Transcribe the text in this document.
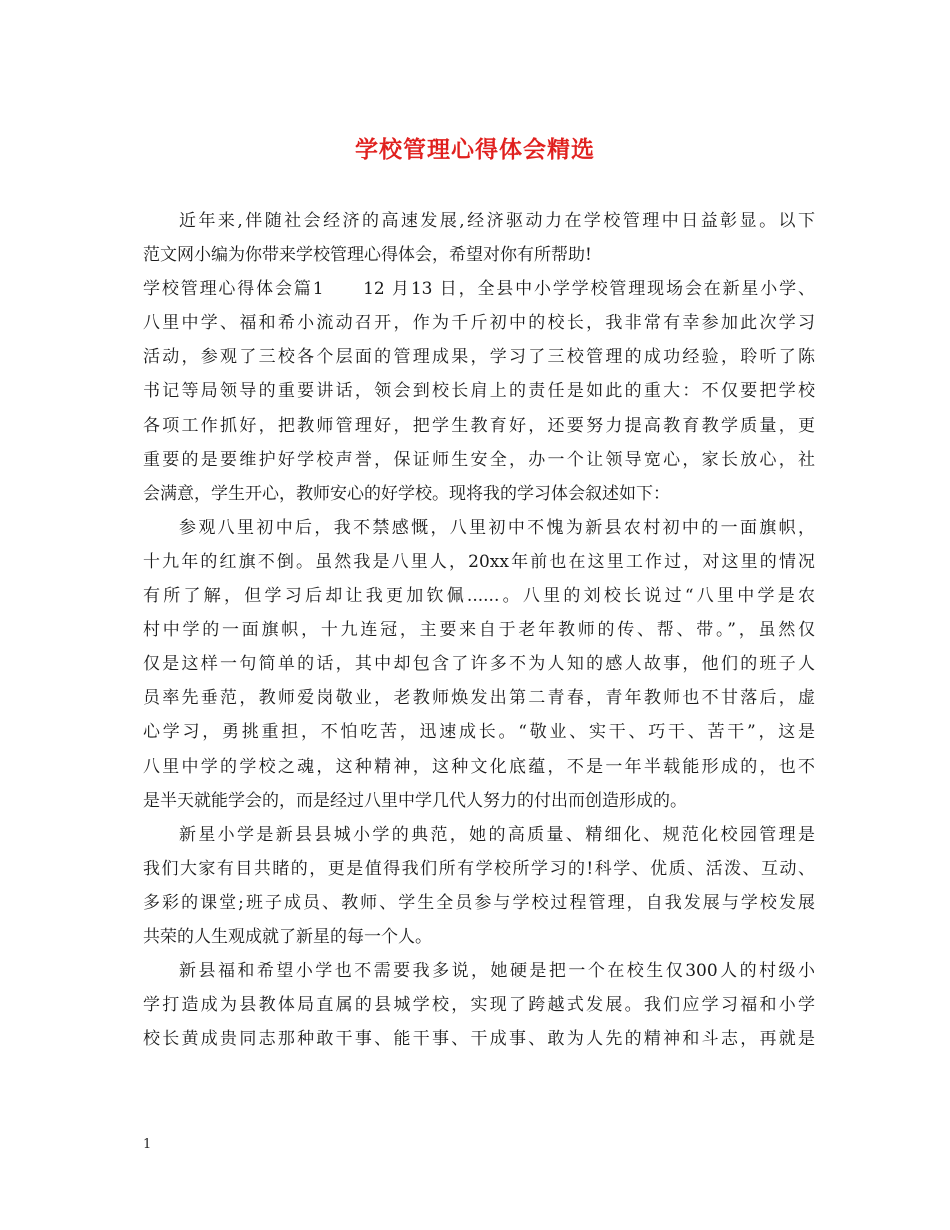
学校管理心得体会精选
近年来,伴随社会经济的高速发展,经济驱动力在学校管理中日益彰显。以下
范文网小编为你带来学校管理心得体会，希望对你有所帮助!
学校管理心得体会篇1　　12 月13 日，全县中小学学校管理现场会在新星小学、
八里中学、福和希小流动召开，作为千斤初中的校长，我非常有幸参加此次学习
活动，参观了三校各个层面的管理成果，学习了三校管理的成功经验，聆听了陈
书记等局领导的重要讲话，领会到校长肩上的责任是如此的重大：不仅要把学校
各项工作抓好，把教师管理好，把学生教育好，还要努力提高教育教学质量，更
重要的是要维护好学校声誉，保证师生安全，办一个让领导宽心，家长放心，社
会满意，学生开心，教师安心的好学校。现将我的学习体会叙述如下：
参观八里初中后，我不禁感慨，八里初中不愧为新县农村初中的一面旗帜，
十九年的红旗不倒。虽然我是八里人，20xx年前也在这里工作过，对这里的情况
有所了解，但学习后却让我更加钦佩......。八里的刘校长说过“八里中学是农
村中学的一面旗帜，十九连冠，主要来自于老年教师的传、帮、带。”，虽然仅
仅是这样一句简单的话，其中却包含了许多不为人知的感人故事，他们的班子人
员率先垂范，教师爱岗敬业，老教师焕发出第二青春，青年教师也不甘落后，虚
心学习，勇挑重担，不怕吃苦，迅速成长。“敬业、实干、巧干、苦干”，这是
八里中学的学校之魂，这种精神，这种文化底蕴，不是一年半载能形成的，也不
是半天就能学会的，而是经过八里中学几代人努力的付出而创造形成的。
新星小学是新县县城小学的典范，她的高质量、精细化、规范化校园管理是
我们大家有目共睹的，更是值得我们所有学校所学习的!科学、优质、活泼、互动、
多彩的课堂;班子成员、教师、学生全员参与学校过程管理，自我发展与学校发展
共荣的人生观成就了新星的每一个人。
新县福和希望小学也不需要我多说，她硬是把一个在校生仅300人的村级小
学打造成为县教体局直属的县城学校，实现了跨越式发展。我们应学习福和小学
校长黄成贵同志那种敢干事、能干事、干成事、敢为人先的精神和斗志，再就是
1
